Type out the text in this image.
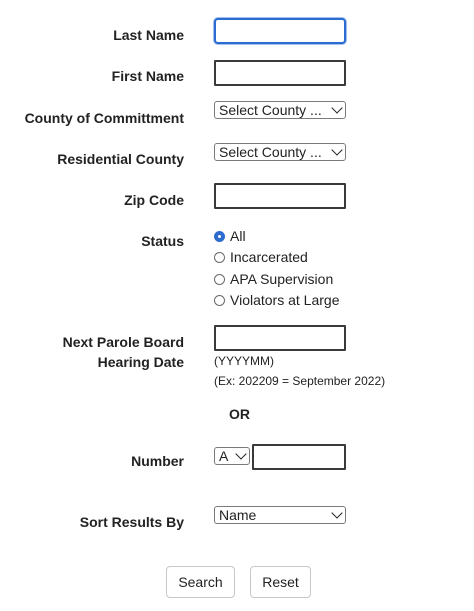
Last Name
First Name
County of Committment	Select County ...
Residential County	Select County ...
Zip Code
Status	All
Incarcerated
APA Supervision
Violators at Large
Next Parole Board
Hearing Date	(YYYYMM)
(Ex: 202209 = September 2022)
OR
Number	A
Sort Results By	Name
Search	Reset
